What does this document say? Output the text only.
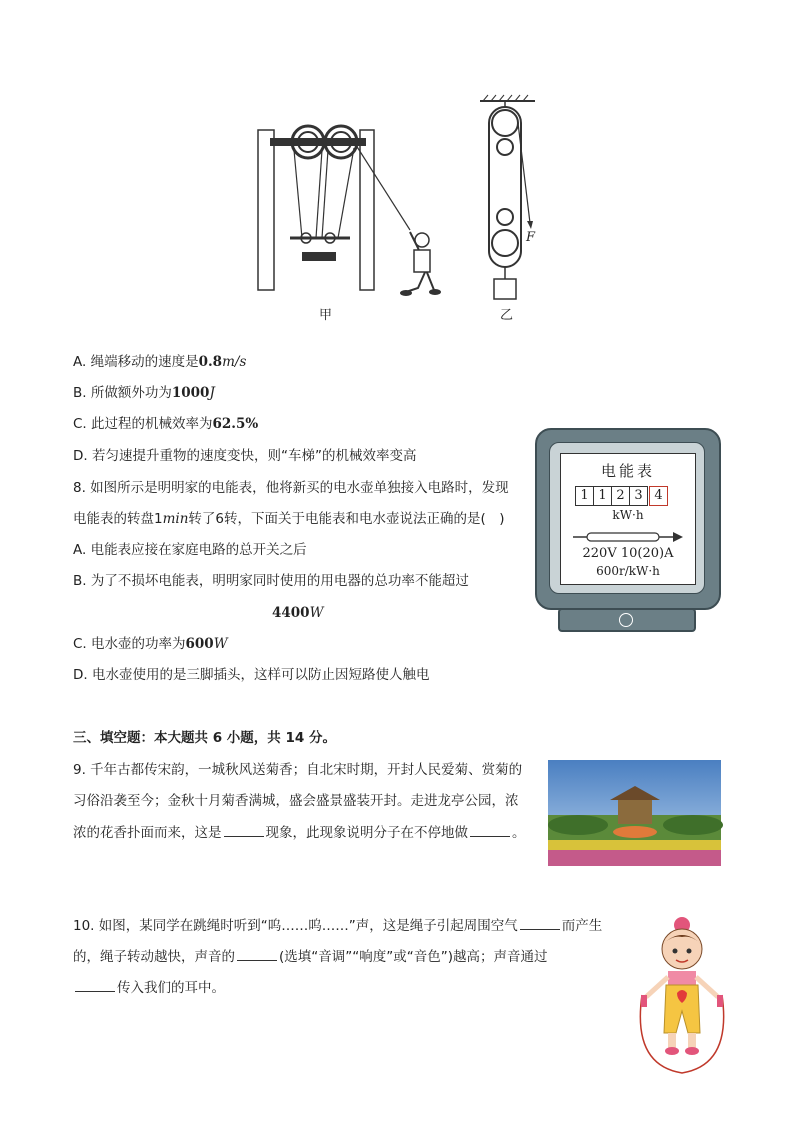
甲
F
乙
A. 绳端移动的速度是0.8m/s
B. 所做额外功为1000J
C. 此过程的机械效率为62.5%
D. 若匀速提升重物的速度变快，则“车梯”的机械效率变高
8. 如图所示是明明家的电能表，他将新买的电水壶单独接入电路时，发现
电能表的转盘1min转了6转，下面关于电能表和电水壶说法正确的是(　)
A. 电能表应接在家庭电路的总开关之后
B. 为了不损坏电能表，明明家同时使用的用电器的总功率不能超过
4400W
C. 电水壶的功率为600W
D. 电水壶使用的是三脚插头，这样可以防止因短路使人触电
电能表
1 1 2 3 4
kW·h
220V 10(20)A
600r/kW·h
三、填空题：本大题共 6 小题，共 14 分。
9. 千年古都传宋韵，一城秋风送菊香；自北宋时期，开封人民爱菊、赏菊的
习俗沿袭至今；金秋十月菊香满城，盛会盛景盛装开封。走进龙亭公园，浓
浓的花香扑面而来，这是	现象，此现象说明分子在不停地做	。
10. 如图，某同学在跳绳时听到“呜……呜……”声，这是绳子引起周围空气	而产生
的，绳子转动越快，声音的	(选填“音调”“响度”或“音色”)越高；声音通过
传入我们的耳中。
